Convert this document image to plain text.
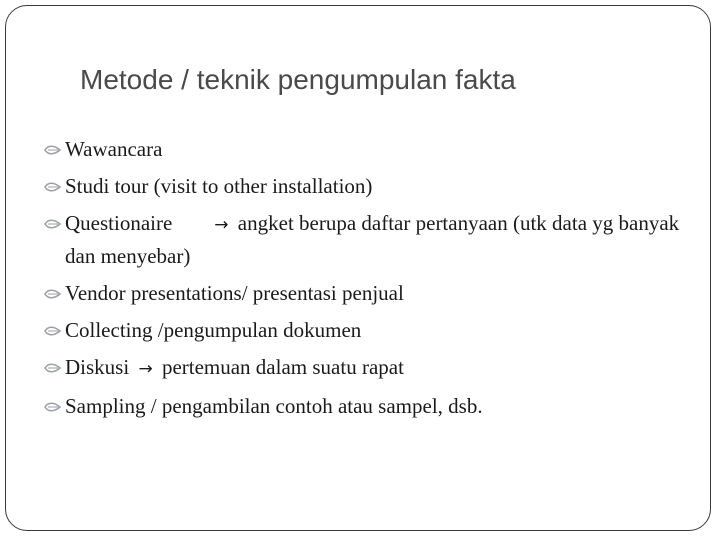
Metode / teknik pengumpulan fakta
Wawancara
Studi tour (visit to other installation)
Questionaire → angket berupa daftar pertanyaan (utk data yg banyak dan menyebar)
Vendor presentations/ presentasi penjual
Collecting /pengumpulan dokumen
Diskusi → pertemuan dalam suatu rapat
Sampling / pengambilan contoh atau sampel, dsb.
